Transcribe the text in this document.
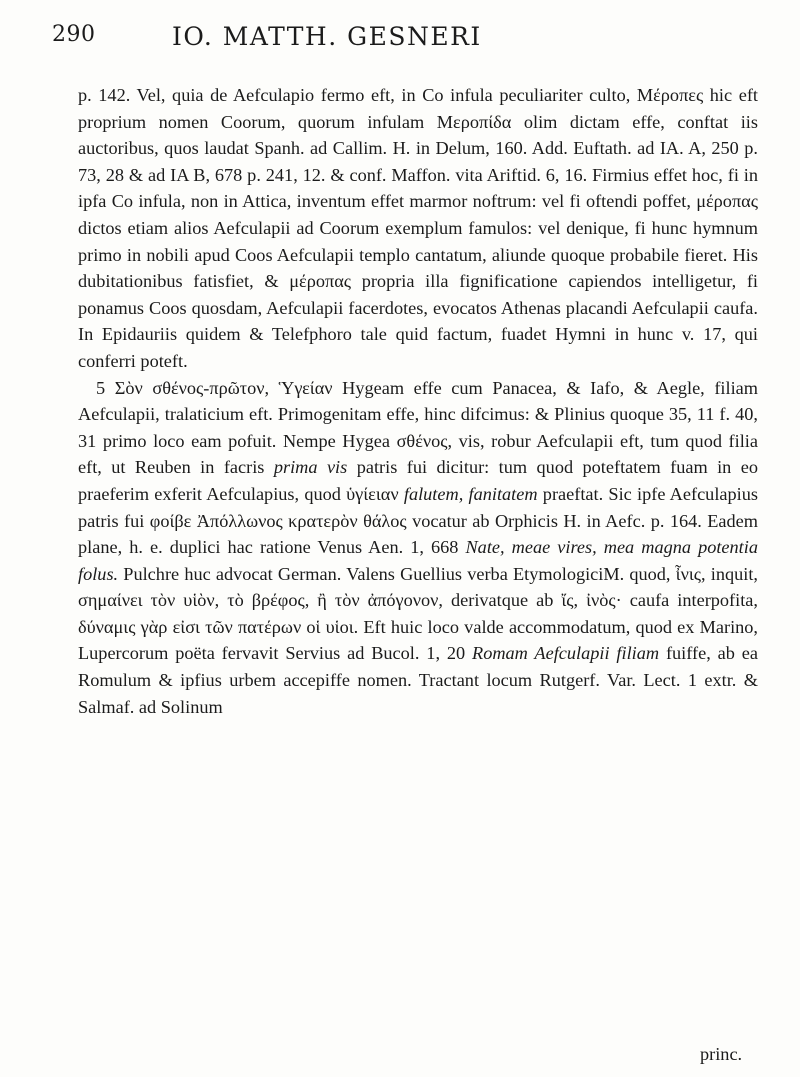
290	IO. MATTH. GESNERI

p. 142. Vel, quia de Aefculapio fermo eft, in Co infula peculiariter culto, Μέροπες hic eft proprium nomen Coorum, quorum infulam Μεροπίδα olim dictam effe, conftat iis auctoribus, quos laudat Spanh. ad Callim. H. in Delum, 160. Add. Euftath. ad IA. A, 250 p. 73, 28 & ad IA B, 678 p. 241, 12. & conf. Maffon. vita Ariftid. 6, 16. Firmius effet hoc, fi in ipfa Co infula, non in Attica, inventum effet marmor noftrum: vel fi oftendi poffet, μέροπας dictos etiam alios Aefculapii ad Coorum exemplum famulos: vel denique, fi hunc hymnum primo in nobili apud Coos Aefculapii templo cantatum, aliunde quoque probabile fieret. His dubitationibus fatisfiet, & μέροπας propria illa fignificatione capiendos intelligetur, fi ponamus Coos quosdam, Aefculapii facerdotes, evocatos Athenas placandi Aefculapii caufa. In Epidauriis quidem & Telefphoro tale quid factum, fuadet Hymni in hunc v. 17, qui conferri poteft.

5 Σὸν σθένος-πρῶτον, Ὑγείαν Hygeam effe cum Panacea, & Iafo, & Aegle, filiam Aefculapii, tralaticium eft. Primogenitam effe, hinc difcimus: & Plinius quoque 35, 11 f. 40, 31 primo loco eam pofuit. Nempe Hygea σθένος, vis, robur Aefculapii eft, tum quod filia eft, ut Reuben in facris prima vis patris fui dicitur: tum quod poteftatem fuam in eo praeferim exferit Aefculapius, quod ὑγίειαν falutem, fanitatem praeftat. Sic ipfe Aefculapius patris fui φοίβε Ἀπόλλωνος κρατερὸν θάλος vocatur ab Orphicis H. in Aefc. p. 164. Eadem plane, h. e. duplici hac ratione Venus Aen. 1, 668 Nate, meae vires, mea magna potentia folus. Pulchre huc advocat German. Valens Guellius verba EtymologiciM. quod, ἶνις, inquit, σημαίνει τὸν υἱὸν, τὸ βρέφος, ἢ τὸν ἀπόγονον, derivatque ab ἴς, ἰνὸς· caufa interpofita, δύναμις γὰρ εἰσι τῶν πατέρων οἱ υἱοι. Eft huic loco valde accommodatum, quod ex Marino, Lupercorum poëta fervavit Servius ad Bucol. 1, 20 Romam Aefculapii filiam fuiffe, ab ea Romulum & ipfius urbem accepiffe nomen. Tractant locum Rutgerf. Var. Lect. 1 extr. & Salmaf. ad Solinum

princ.
